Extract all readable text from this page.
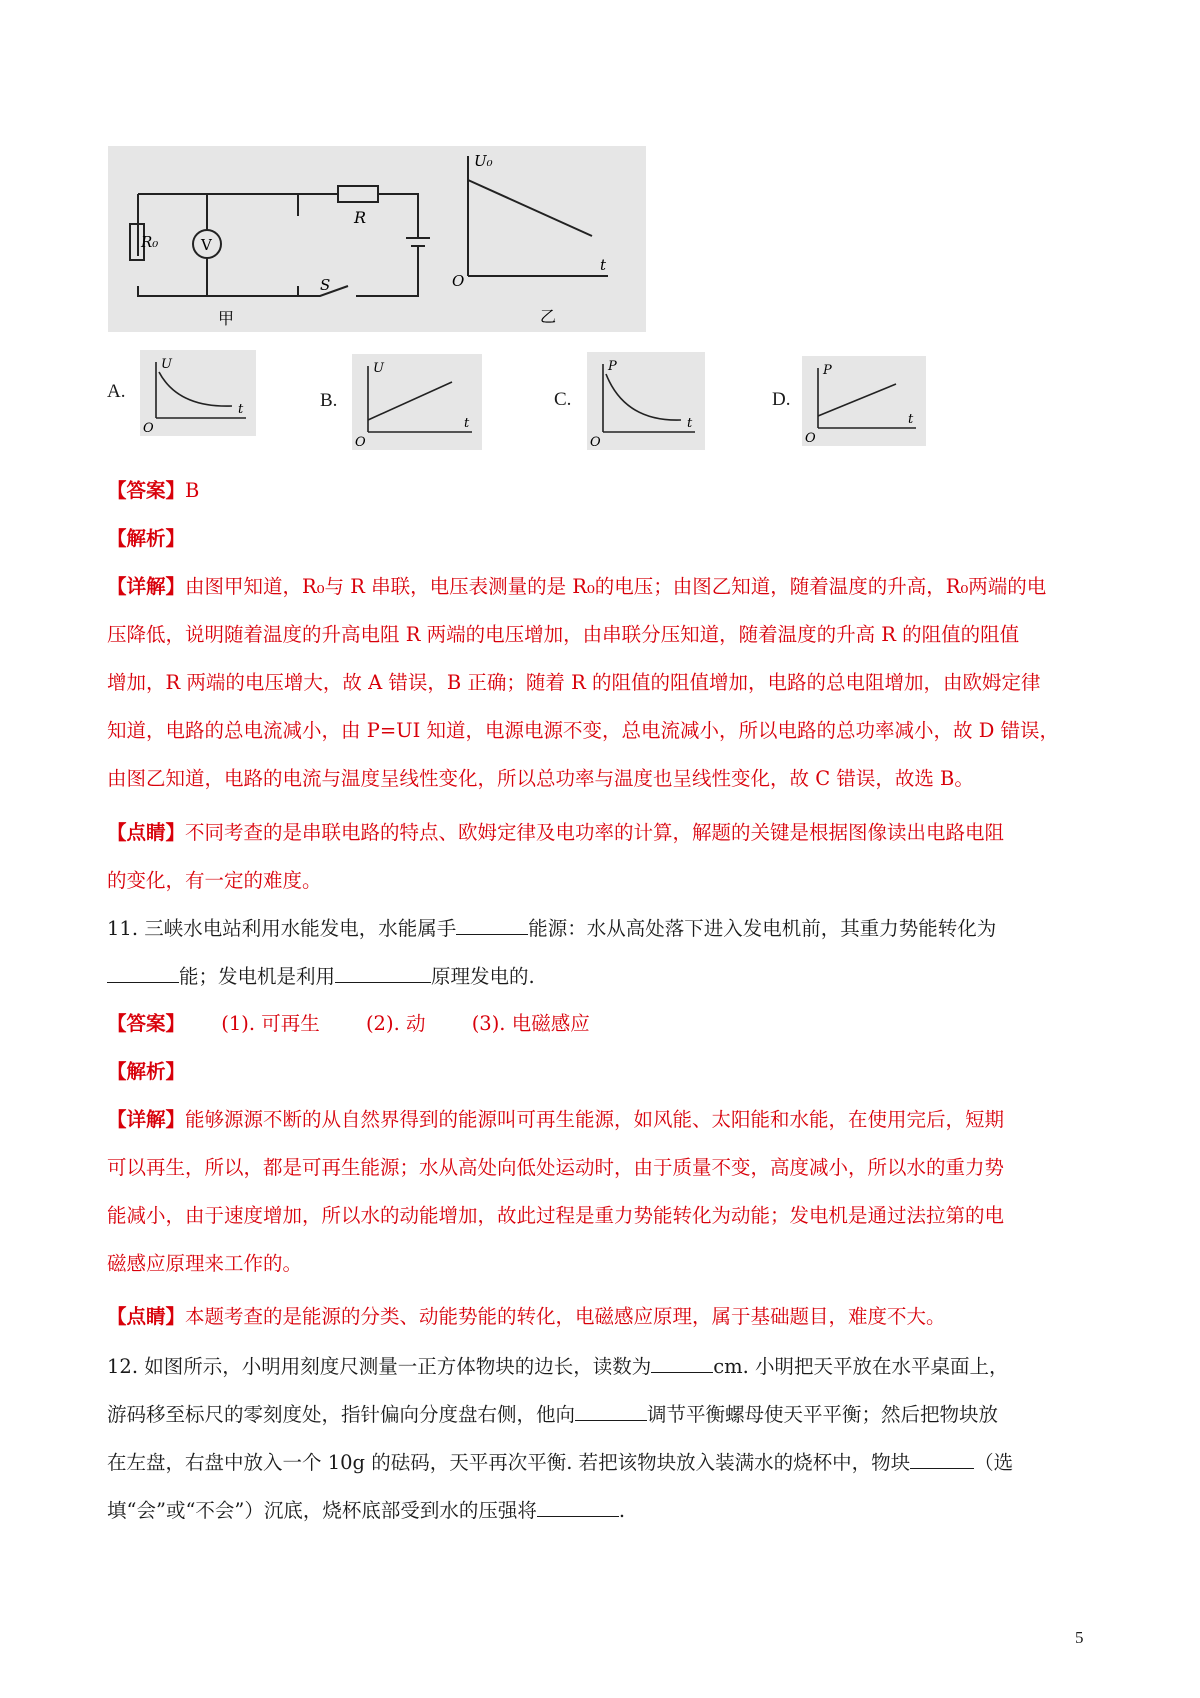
R₀	V
R
S
甲
U₀
t
O
乙
A.
U
t
O
B.
U
t
O
C.
P
t
O
D.
P
t
O
【答案】B
【解析】
【详解】由图甲知道，R₀与 R 串联，电压表测量的是 R₀的电压；由图乙知道，随着温度的升高，R₀两端的电
压降低，说明随着温度的升高电阻 R 两端的电压增加，由串联分压知道，随着温度的升高 R 的阻值的阻值
增加，R 两端的电压增大，故 A 错误，B 正确；随着 R 的阻值的阻值增加，电路的总电阻增加，由欧姆定律
知道，电路的总电流减小，由 P=UI 知道，电源电源不变，总电流减小，所以电路的总功率减小，故 D 错误，
由图乙知道，电路的电流与温度呈线性变化，所以总功率与温度也呈线性变化，故 C 错误，故选 B。
【点睛】不同考查的是串联电路的特点、欧姆定律及电功率的计算，解题的关键是根据图像读出电路电阻
的变化，有一定的难度。
11. 三峡水电站利用水能发电，水能属手	能源：水从高处落下进入发电机前，其重力势能转化为
能；发电机是利用	原理发电的.
【答案】 (1). 可再生 (2). 动 (3). 电磁感应
【解析】
【详解】能够源源不断的从自然界得到的能源叫可再生能源，如风能、太阳能和水能，在使用完后，短期
可以再生，所以，都是可再生能源；水从高处向低处运动时，由于质量不变，高度减小，所以水的重力势
能减小，由于速度增加，所以水的动能增加，故此过程是重力势能转化为动能；发电机是通过法拉第的电
磁感应原理来工作的。
【点睛】本题考查的是能源的分类、动能势能的转化，电磁感应原理，属于基础题目，难度不大。
12. 如图所示，小明用刻度尺测量一正方体物块的边长，读数为	cm. 小明把天平放在水平桌面上，
游码移至标尺的零刻度处，指针偏向分度盘右侧，他向	调节平衡螺母使天平平衡；然后把物块放
在左盘，右盘中放入一个 10g 的砝码，天平再次平衡. 若把该物块放入装满水的烧杯中，物块	（选
填“会”或“不会”）沉底，烧杯底部受到水的压强将	.
5
